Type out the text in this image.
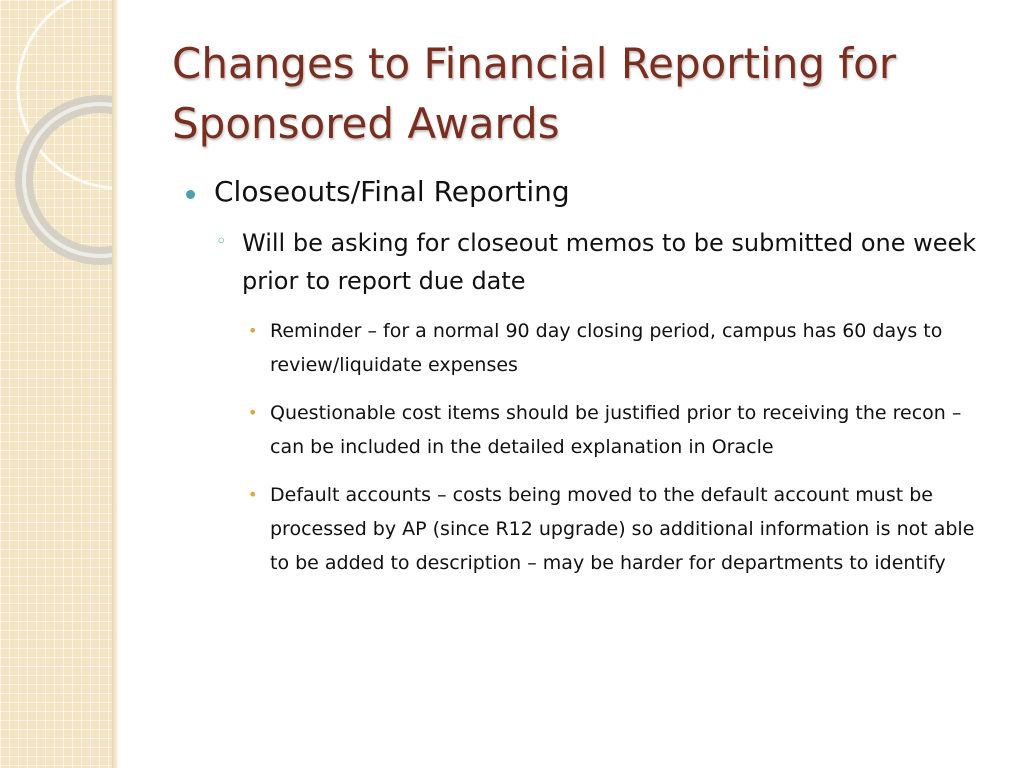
Changes to Financial Reporting for Sponsored Awards
Closeouts/Final Reporting
◦ Will be asking for closeout memos to be submitted one week prior to report due date
• Reminder – for a normal 90 day closing period, campus has 60 days to review/liquidate expenses
• Questionable cost items should be justified prior to receiving the recon – can be included in the detailed explanation in Oracle
• Default accounts – costs being moved to the default account must be processed by AP (since R12 upgrade) so additional information is not able to be added to description – may be harder for departments to identify
